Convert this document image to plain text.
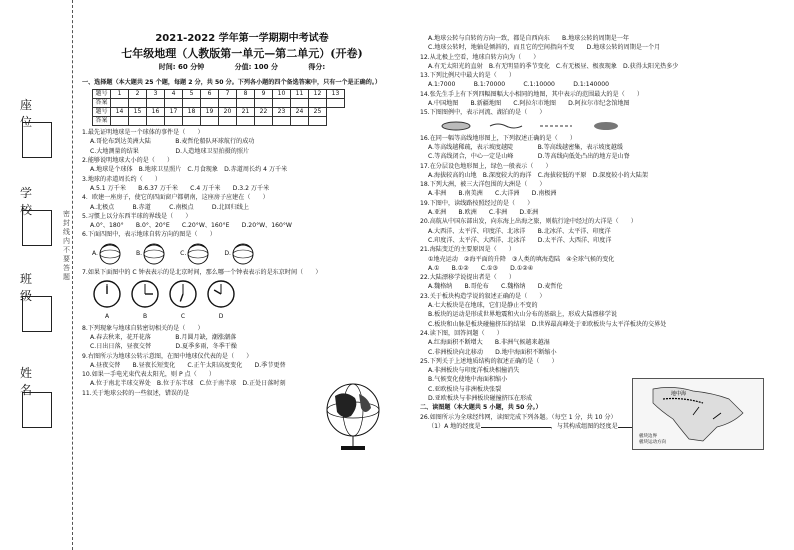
座 位
学 校
班 级
姓 名
密 封 线 内 不 要 答 题
2021-2022 学年第一学期期中考试卷
七年级地理（人教版第一单元—第二单元）(开卷)
时间: 60 分钟	分值: 100 分	得分:

一、选择题（本大题共 25 个题，每题 2 分，共 50 分。下列各小题的四个备选答案中，只有一个是正确的。）

题号	1	2	3	4	5	6	7	8	9	10	11	12	13
答案													
题号	14	15	16	17	18	19	20	21	22	23	24	25	
答案													

1.最先证明地球是一个球体的事件是（　　）

A.哥伦布到达美洲大陆　　　　B.麦哲伦船队环球航行的成功

C.大地测量的结果　　　　　　D.人造地球卫星拍摄的照片

2.能够说明地球大小的是（　　）

A.地球是个球体　B.地球卫星照片　C.月食现象　D.赤道周长约 4 万千米

3.地球的赤道周长约（　　）

A.5.1 万千米　　B.6.37 万千米　　C.4 万千米　　D.3.2 万千米

4．欧建一座房子，使它的四面窗户都朝南，这座房子应建在（　　）

A.北极点　　　B.赤道　　　C.南极点　　　D.北回归线上

5.习惯上以分东西半球的界线是（　　）

A.0°、180°　　B.0°、20°E　　C.20°W、160°E　　D.20°W、160°W

6.下面四图中，表示地球自转方向的图是（　　）

A.	B.	C.	D.

7.如果下面图中的 C 钟表表示的是北京时间，那么哪一个钟表表示的是东京时间（　　）

A	B	C	D

8.下列现象与地球自转密切相关的是（　　）

A.春去秋来，花开花落　　　　B.月圆月缺，潮涨潮落

C.日出日落，昼夜交替　　　　D.夏季多雨，冬季干燥

9.右图所示为地球公转示意图，在图中地球仪代表的是（　　）

A.昼夜交替　　B.昼夜长短变化　　C.正午太阳高度变化　　D.季节更替

10.如果一手电光束代表太阳光，则 P 点（　　）

A.位于南北半球交界处　B.位于东半球　C.位于南半球　D.正处日落时刻

11.关于地球公转的一些叙述，错误的是

A.地球公转与自转的方向一致，都是自西向东　　B.地球公转的周期是一年

C.地球公转时，地轴是倾斜的，而且它的空间指向不变　　D.地球公转的周期是一个月

12.从北极上空看，地球自转方向为（　　）

A.有无太阳光的直射　B.有无明显的季节变化　C.有无极昼、极夜现象　D.获得太阳光热多少

13.下列比例尺中最大的是（　　）

A.1:7000　　　B.1:70000　　　C.1:10000　　　D.1:140000

14.张先生手上有下列四幅图幅大小相同的地图，其中表示的范围最大的是（　　）

A.中国地图　　B.新疆地图　　C.阿拉尔市地图　　D.阿拉尔市纪念馆地图

15.下图图例中，表示河流、湖泊的是（　　）

16.在同一幅等高线地形图上，下列叙述正确的是（　　）

A.等高线越稀疏，表示坡度越陡　　　　B.等高线越密集，表示坡度越缓

C.等高线闭合，中心一定是山峰　　　　D.等高线向低处凸出的地方是山脊

17.在分层设色地形图上，绿色一般表示（　　）

A.海拔较高的山地　B.深度较大的海洋　C.海拔较低的平原　D.深度较小的大陆架

18.下列大洲，被三大洋包围的大洲是（　　）

A.非洲　　B.南美洲　　C.大洋洲　　D.南极洲

19.下图中，读线路按照经过的是（　　）

A.亚洲　　B.欧洲　　C.非洲　　D.亚洲

20.高航从中国东部出发，向东海上出海之旅，则航行途中经过的大洋是（　　）

A.大西洋、太平洋、印度洋、北冰洋　　B.北冰洋、太平洋、印度洋

C.印度洋、太平洋、大西洋、北冰洋　　D.太平洋、大西洋、印度洋

21.海陆变迁的主要原因是（　　）

①地壳运动　②海平面的升降　③人类的填海造陆　④全球气候的变化

A.①　　B.①②　　C.①③　　D.①②④

22.大陆漂移学说提出者是（　　）

A.魏格纳　　B.哥伦布　　C.魏格纳　　D.麦哲伦

23.关于板块构造学说的叙述正确的是（　　）

A.七大板块是在地球，它们是静止不变的

B.板块的运动是形成世界地震和火山分布的基础上，形成大陆漂移学说

C.板块和山脉是板块碰撞挤压的结果　D.世界最高峰处于亚欧板块与太平洋板块的交界处

24.读下图，回答问题（　　）

A.红海面积不断增大　　B.非洲气候越来越湿

C.非洲板块向北移动　　D.地中海面积不断缩小

25.下列关于上述地质结构的叙述正确的是（　　）

A.非洲板块与印度洋板块相撞消失

B.气候变化使地中海面积缩小

C.亚欧板块与非洲板块张裂

D.亚欧板块与非洲板块碰撞挤压在形成

二、读图题（本大题共 5 小题，共 50 分。）

26.如图所示为全球经纬网，读图完成下列各题。（每空 1 分，共 10 分）

（1）A 地的经度是	，与其构成组图的经度是

地中海
板块边界
板块运动方向
